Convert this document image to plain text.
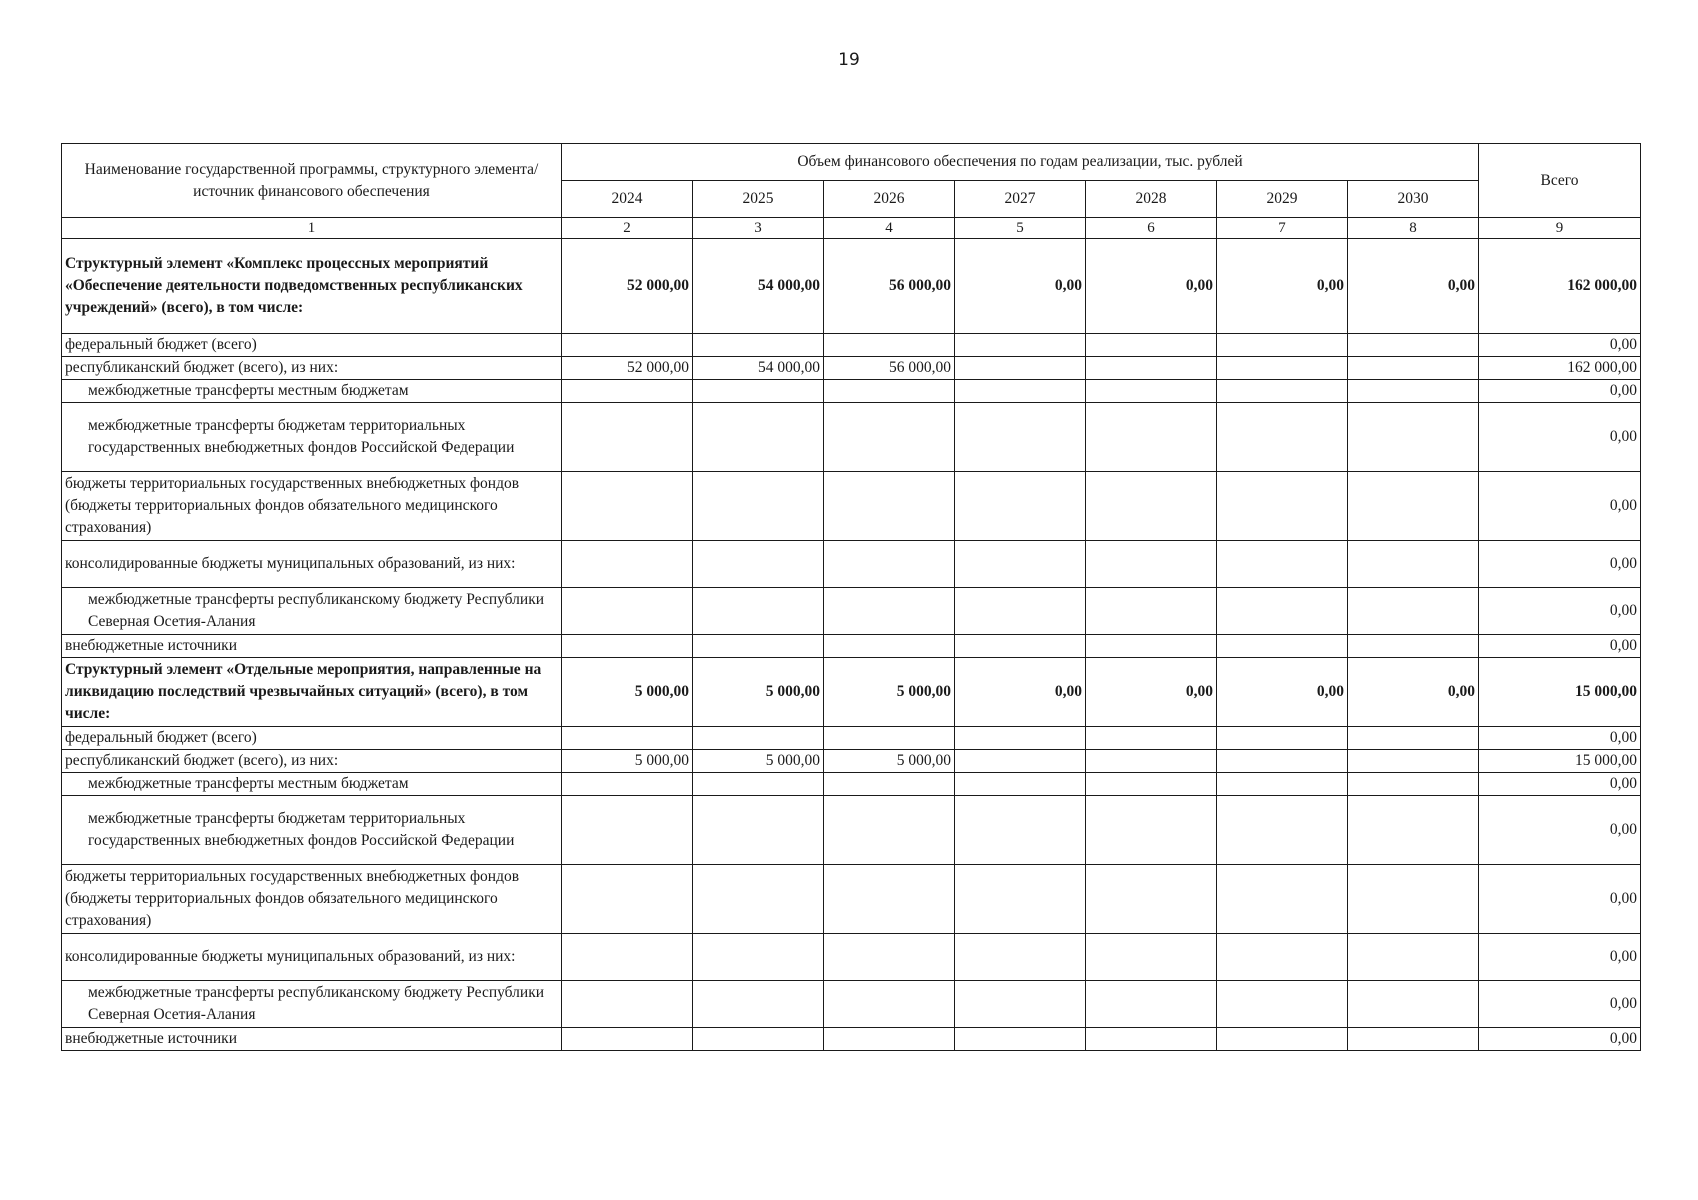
19
Наименование государственной программы, структурного элемента/источник финансового обеспечения	Объем финансового обеспечения по годам реализации, тыс. рублей							Всего
	2024	2025	2026	2027	2028	2029	2030	
1	2	3	4	5	6	7	8	9
Структурный элемент «Комплекс процессных мероприятий «Обеспечение деятельности подведомственных республиканских учреждений» (всего), в том числе:	52 000,00	54 000,00	56 000,00	0,00	0,00	0,00	0,00	162 000,00
федеральный бюджет (всего)								0,00
республиканский бюджет (всего), из них:	52 000,00	54 000,00	56 000,00					162 000,00
межбюджетные трансферты местным бюджетам								0,00
межбюджетные трансферты бюджетам территориальных государственных внебюджетных фондов Российской Федерации								0,00
бюджеты территориальных государственных внебюджетных фондов (бюджеты территориальных фондов обязательного медицинского страхования)								0,00
консолидированные бюджеты муниципальных образований, из них:								0,00
межбюджетные трансферты республиканскому бюджету Республики Северная Осетия-Алания								0,00
внебюджетные источники								0,00
Структурный элемент «Отдельные мероприятия, направленные на ликвидацию последствий чрезвычайных ситуаций» (всего), в том числе:	5 000,00	5 000,00	5 000,00	0,00	0,00	0,00	0,00	15 000,00
федеральный бюджет (всего)								0,00
республиканский бюджет (всего), из них:	5 000,00	5 000,00	5 000,00					15 000,00
межбюджетные трансферты местным бюджетам								0,00
межбюджетные трансферты бюджетам территориальных государственных внебюджетных фондов Российской Федерации								0,00
бюджеты территориальных государственных внебюджетных фондов (бюджеты территориальных фондов обязательного медицинского страхования)								0,00
консолидированные бюджеты муниципальных образований, из них:								0,00
межбюджетные трансферты республиканскому бюджету Республики Северная Осетия-Алания								0,00
внебюджетные источники								0,00
